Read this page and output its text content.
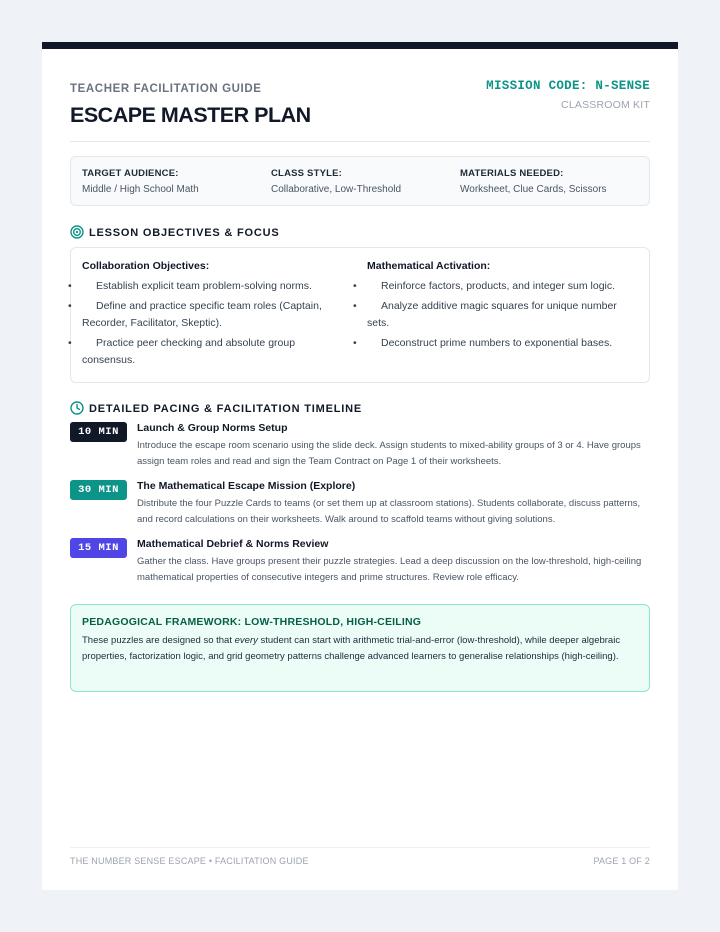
TEACHER FACILITATION GUIDE
ESCAPE MASTER PLAN
MISSION CODE: N-SENSE
CLASSROOM KIT
TARGET AUDIENCE:
Middle / High School Math
CLASS STYLE:
Collaborative, Low-Threshold
MATERIALS NEEDED:
Worksheet, Clue Cards, Scissors
LESSON OBJECTIVES & FOCUS
Collaboration Objectives:
• Establish explicit team problem-solving norms.
• Define and practice specific team roles (Captain, Recorder, Facilitator, Skeptic).
• Practice peer checking and absolute group consensus.
Mathematical Activation:
• Reinforce factors, products, and integer sum logic.
• Analyze additive magic squares for unique number sets.
• Deconstruct prime numbers to exponential bases.
DETAILED PACING & FACILITATION TIMELINE
10 MIN	Launch & Group Norms Setup
Introduce the escape room scenario using the slide deck. Assign students to mixed-ability groups of 3 or 4. Have groups assign team roles and read and sign the Team Contract on Page 1 of their worksheets.
30 MIN	The Mathematical Escape Mission (Explore)
Distribute the four Puzzle Cards to teams (or set them up at classroom stations). Students collaborate, discuss patterns, and record calculations on their worksheets. Walk around to scaffold teams without giving solutions.
15 MIN	Mathematical Debrief & Norms Review
Gather the class. Have groups present their puzzle strategies. Lead a deep discussion on the low-threshold, high-ceiling mathematical properties of consecutive integers and prime structures. Review role efficacy.
PEDAGOGICAL FRAMEWORK: LOW-THRESHOLD, HIGH-CEILING

These puzzles are designed so that every student can start with arithmetic trial-and-error (low-threshold), while deeper algebraic properties, factorization logic, and grid geometry patterns challenge advanced learners to generalise relationships (high-ceiling).

THE NUMBER SENSE ESCAPE • FACILITATION GUIDE	PAGE 1 OF 2
